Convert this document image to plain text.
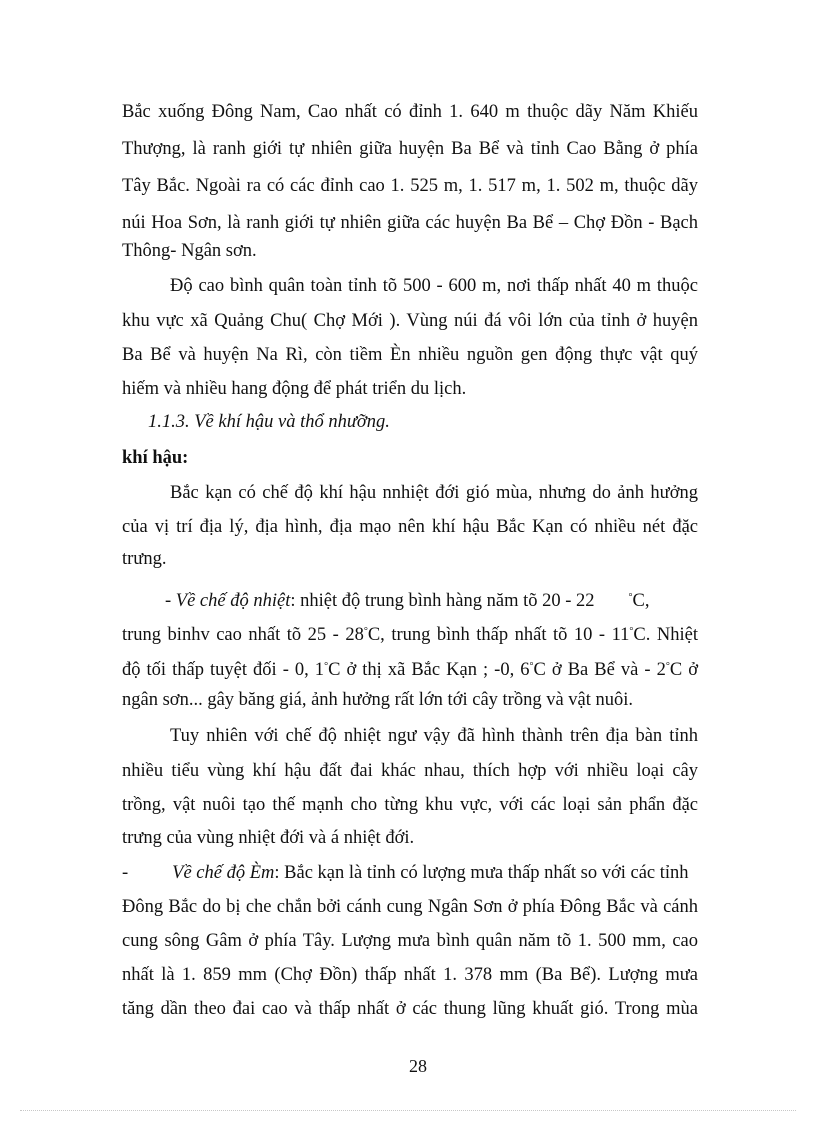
Bắc xuống Đông Nam, Cao nhất có đỉnh 1. 640 m thuộc dãy Năm Khiếu
Thượng, là ranh giới tự nhiên giữa huyện Ba Bể và tỉnh Cao Bằng ở phía
Tây Bắc. Ngoài ra có các đỉnh cao 1. 525 m, 1. 517 m, 1. 502 m, thuộc dãy
núi Hoa Sơn, là ranh giới tự nhiên giữa các huyện Ba Bể – Chợ Đồn - Bạch
Thông- Ngân sơn.
Độ cao bình quân toàn tỉnh tõ 500 - 600 m, nơi thấp nhất 40 m thuộc
khu vực xã Quảng Chu( Chợ Mới ). Vùng núi đá vôi lớn của tỉnh ở huyện
Ba Bể và huyện Na Rì, còn tiềm Èn nhiều nguồn gen động thực vật quý
hiếm và nhiều hang động để phát triển du lịch.
1.1.3. Về khí hậu và thổ nhưỡng.
khí hậu:
Bắc kạn có chế độ khí hậu nnhiệt đới gió mùa, nhưng do ảnh hưởng
của vị trí địa lý, địa hình, địa mạo nên khí hậu Bắc Kạn có nhiều nét đặc
trưng.
- Về chế độ nhiệt: nhiệt độ trung bình hàng năm tõ 20 - 22	°C,
trung binhv cao nhất tõ 25 - 28°C, trung bình thấp nhất tõ 10 - 11°C. Nhiệt
độ tối thấp tuyệt đối - 0, 1°C ở thị xã Bắc Kạn ; -0, 6°C ở Ba Bể và - 2°C ở
ngân sơn... gây băng giá, ảnh hưởng rất lớn tới cây trồng và vật nuôi.
Tuy nhiên với chế độ nhiệt ngư vậy đã hình thành trên địa bàn tỉnh
nhiều tiểu vùng khí hậu đất đai khác nhau, thích hợp với nhiều loại cây
trồng, vật nuôi tạo thế mạnh cho từng khu vực, với các loại sản phẩn đặc
trưng của vùng nhiệt đới và á nhiệt đới.
- Về chế độ Èm: Bắc kạn là tỉnh có lượng mưa thấp nhất so với các tỉnh
Đông Bắc do bị che chắn bởi cánh cung Ngân Sơn ở phía Đông Bắc và cánh
cung sông Gâm ở phía Tây. Lượng mưa bình quân năm tõ 1. 500 mm, cao
nhất là 1. 859 mm (Chợ Đồn) thấp nhất 1. 378 mm (Ba Bể). Lượng mưa
tăng dần theo đai cao và thấp nhất ở các thung lũng khuất gió. Trong mùa
28
